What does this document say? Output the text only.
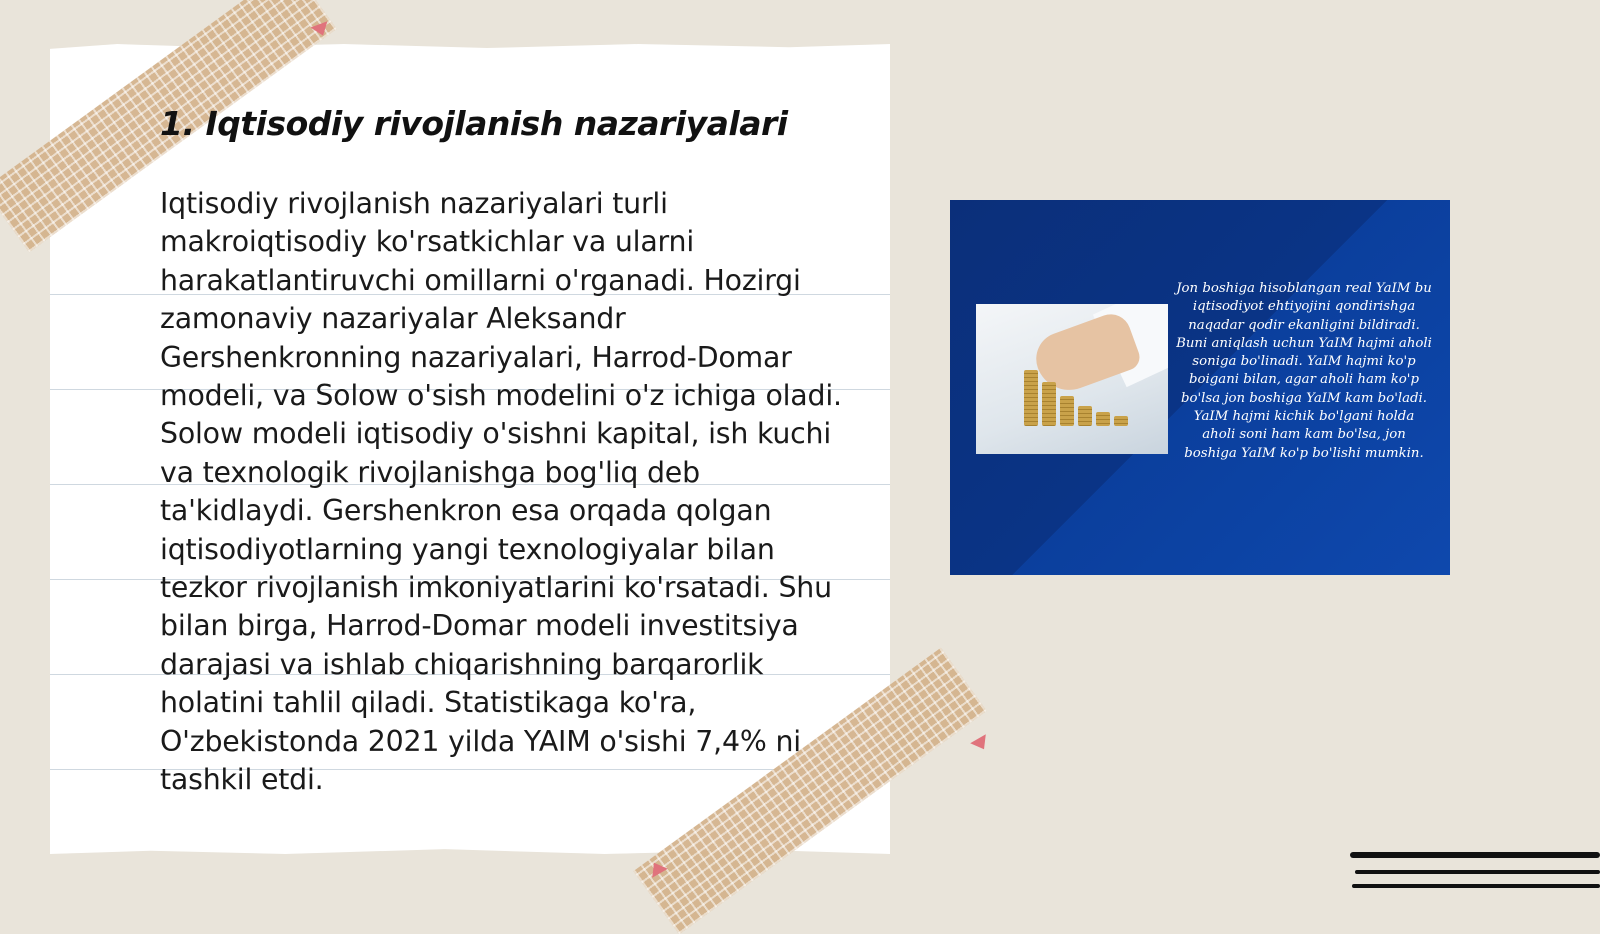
1. Iqtisodiy rivojlanish nazariyalari

Iqtisodiy rivojlanish nazariyalari turli makroiqtisodiy ko'rsatkichlar va ularni harakatlantiruvchi omillarni o'rganadi. Hozirgi zamonaviy nazariyalar Aleksandr Gershenkronning nazariyalari, Harrod-Domar modeli, va Solow o'sish modelini o'z ichiga oladi. Solow modeli iqtisodiy o'sishni kapital, ish kuchi va texnologik rivojlanishga bog'liq deb ta'kidlaydi. Gershenkron esa orqada qolgan iqtisodiyotlarning yangi texnologiyalar bilan tezkor rivojlanish imkoniyatlarini ko'rsatadi. Shu bilan birga, Harrod-Domar modeli investitsiya darajasi va ishlab chiqarishning barqarorlik holatini tahlil qiladi. Statistikaga ko'ra, O'zbekistonda 2021 yilda YAIM o'sishi 7,4% ni tashkil etdi.

Jon boshiga hisoblangan real YaIM bu iqtisodiyot ehtiyojini qondirishga naqadar qodir ekanligini bildiradi. Buni aniqlash uchun YaIM hajmi aholi soniga bo'linadi. YaIM hajmi ko'p boigani bilan, agar aholi ham ko'p bo'lsa jon boshiga YaIM kam bo'ladi. YaIM hajmi kichik bo'lgani holda aholi soni ham kam bo'lsa, jon boshiga YaIM ko'p bo'lishi mumkin.
